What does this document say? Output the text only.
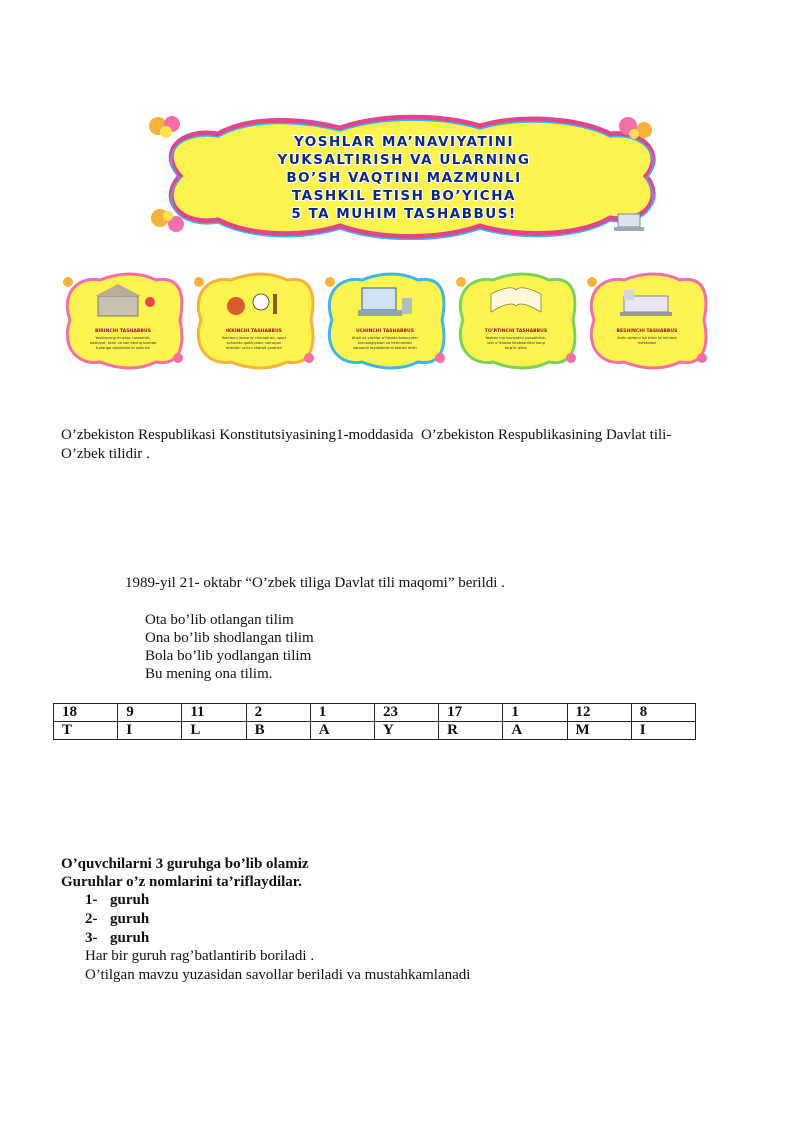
YOSHLAR MA’NAVIYATINI
YUKSALTIRISH VA ULARNING
BO’SH VAQTINI MAZMUNLI
TASHKIL ETISH BO’YICHA
5 TA MUHIM TASHABBUS!
BIRINCHI TASHABBUS
Yoshlarning musiqa, rassomlik,
adabiyot, teatr va san’atning boshqa
turlariga qiziqishlarini oshirish
IKKINCHI TASHABBUS
Yoshlarni jismoniy chiniqtirish, sport
sohasida qobiliyatini namoyon
etishlari uchun sharoit yaratish
UCHINCHI TASHABBUS
Aholi va yoshlar o’rtasida kompyuter
texnologiyalari va Internetdan
samarali foydalanishni tashkil etish
TO’RTINCHI TASHABBUS
Yoshlar ma’naviyatini yuksaltirish,
ular o’rtasida kitobxonlikni keng
targ’ib qilish
BESHINCHI TASHABBUS
Xotin-qizlarni ish bilan ta’minlash
masalalari
O’zbekiston Respublikasi Konstitutsiyasining1-moddasida  O’zbekiston Respublikasining Davlat tili-
O’zbek tilidir .
1989-yil 21- oktabr “O’zbek tiliga Davlat tili maqomi” berildi .
Ota bo’lib otlangan tilim
Ona bo’lib shodlangan tilim
Bola bo’lib yodlangan tilim
Bu mening ona tilim.
18	9	11	2	1	23	17	1	12	8
T	I	L	B	A	Y	R	A	M	I
O’quvchilarni 3 guruhga bo’lib olamiz
Guruhlar o’z nomlarini ta’riflaydilar.
1- guruh
2- guruh
3- guruh
Har bir guruh rag’batlantirib boriladi .
O’tilgan mavzu yuzasidan savollar beriladi va mustahkamlanadi
